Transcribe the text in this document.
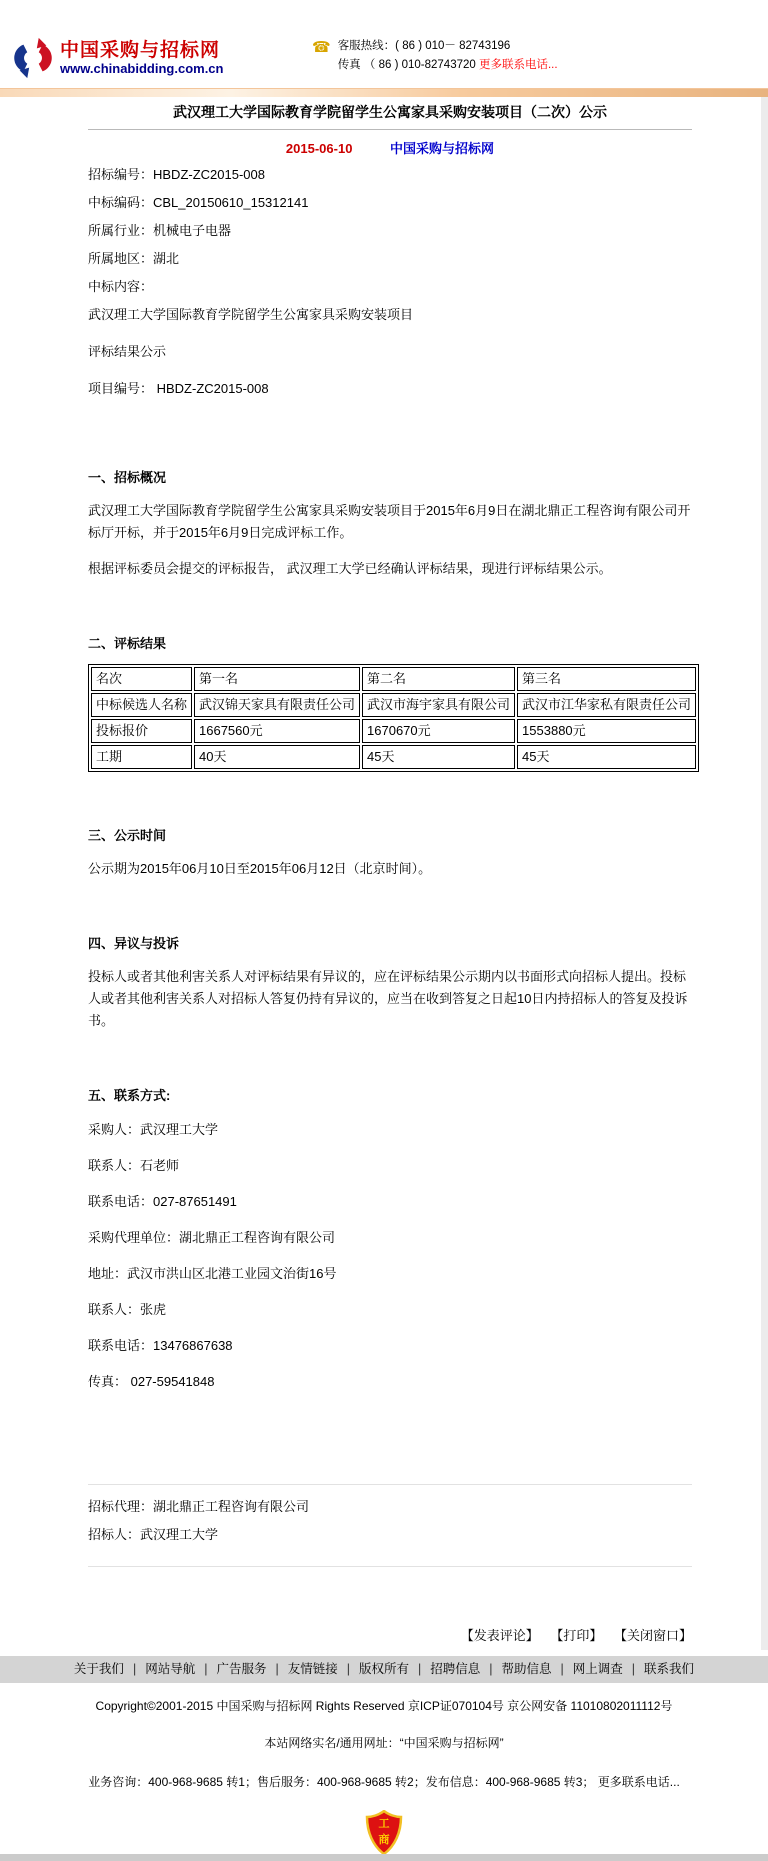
中国采购与招标网
www.chinabidding.com.cn
☎ 客服热线：( 86 ) 010－ 82743196
传真 （ 86 ) 010-82743720 更多联系电话...
武汉理工大学国际教育学院留学生公寓家具采购安装项目（二次）公示
2015-06-10	中国采购与招标网

招标编号：HBDZ-ZC2015-008

中标编码：CBL_20150610_15312141

所属行业：机械电子电器

所属地区：湖北

中标内容：

武汉理工大学国际教育学院留学生公寓家具采购安装项目

评标结果公示

项目编号： HBDZ-ZC2015-008

一、招标概况

武汉理工大学国际教育学院留学生公寓家具采购安装项目于2015年6月9日在湖北鼎正工程咨询有限公司开标厅开标，并于2015年6月9日完成评标工作。

根据评标委员会提交的评标报告， 武汉理工大学已经确认评标结果，现进行评标结果公示。

二、评标结果
名次	第一名	第二名	第三名
中标候选人名称	武汉锦天家具有限责任公司	武汉市海宇家具有限公司	武汉市江华家私有限责任公司
投标报价	1667560元	1670670元	1553880元
工期	40天	45天	45天
三、公示时间

公示期为2015年06月10日至2015年06月12日（北京时间）。

四、异议与投诉

投标人或者其他利害关系人对评标结果有异议的，应在评标结果公示期内以书面形式向招标人提出。投标人或者其他利害关系人对招标人答复仍持有异议的，应当在收到答复之日起10日内持招标人的答复及投诉书。

五、联系方式:

采购人：武汉理工大学

联系人：石老师

联系电话：027-87651491

采购代理单位：湖北鼎正工程咨询有限公司

地址：武汉市洪山区北港工业园文治街16号

联系人：张虎

联系电话：13476867638

传真： 027-59541848

招标代理：湖北鼎正工程咨询有限公司

招标人：武汉理工大学

【发表评论】 【打印】 【关闭窗口】
关于我们 | 网站导航 | 广告服务 | 友情链接 | 版权所有 | 招聘信息 | 帮助信息 | 网上调查 | 联系我们

Copyright©2001-2015 中国采购与招标网 Rights Reserved 京ICP证070104号 京公网安备 11010802011112号

本站网络实名/通用网址：“中国采购与招标网”

业务咨询：400-968-9685 转1；售后服务：400-968-9685 转2；发布信息：400-968-9685 转3； 更多联系电话...

工
商
